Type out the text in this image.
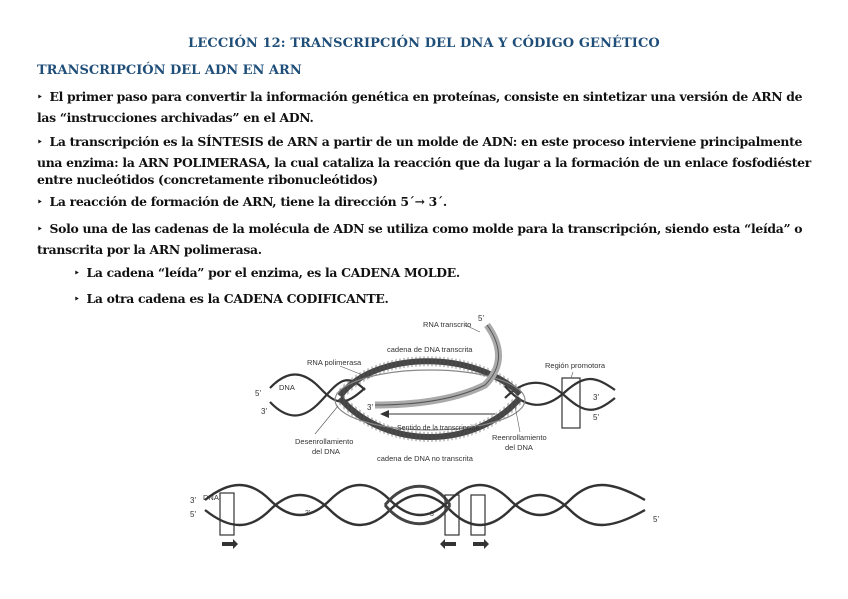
LECCIÓN 12: TRANSCRIPCIÓN DEL DNA Y CÓDIGO GENÉTICO
TRANSCRIPCIÓN DEL ADN EN ARN
‣ El primer paso para convertir la información genética en proteínas, consiste en sintetizar una versión de ARN de las “instrucciones archivadas” en el ADN.
‣ La transcripción es la SÍNTESIS de ARN a partir de un molde de ADN: en este proceso interviene principalmente una enzima: la ARN POLIMERASA, la cual cataliza la reacción que da lugar a la formación de un enlace fosfodiéster entre nucleótidos (concretamente ribonucleótidos)
‣ La reacción de formación de ARN, tiene la dirección 5´→ 3´.
‣ Solo una de las cadenas de la molécula de ADN se utiliza como molde para la transcripción, siendo esta “leída” o transcrita por la ARN polimerasa.
‣ La cadena “leída” por el enzima, es la CADENA MOLDE.
‣ La otra cadena es la CADENA CODIFICANTE.
RNA transcrito
5'
cadena de DNA transcrita
RNA polimerasa	Región promotora
5'
DNA
3'	3'
3'
5'
Sentido de la transcripción
Desenrollamiento
del DNA
Reenrollamiento
del DNA
cadena de DNA no transcrita
3' DNA
5'	3'	3'
5'
